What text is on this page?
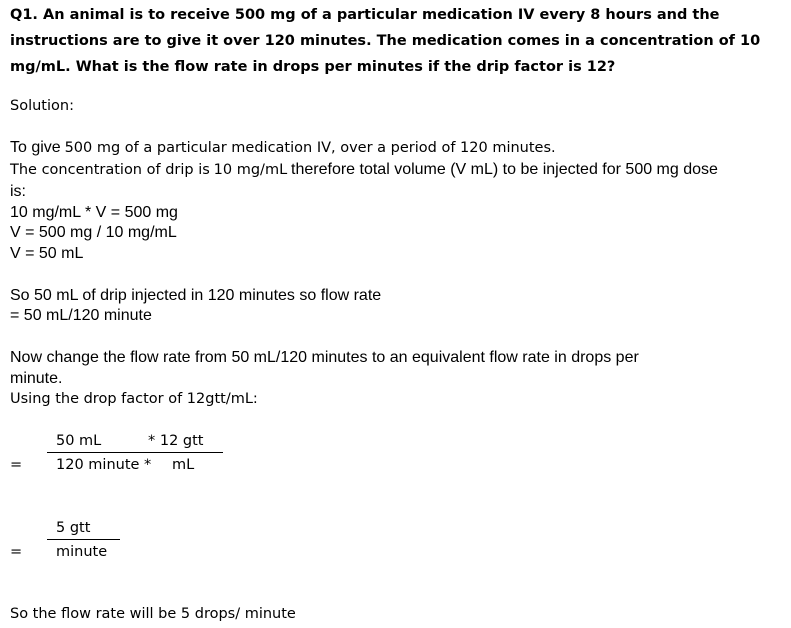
Q1. An animal is to receive 500 mg of a particular medication IV every 8 hours and the instructions are to give it over 120 minutes. The medication comes in a concentration of 10 mg/mL. What is the flow rate in drops per minutes if the drip factor is 12?
Solution:
To give 500 mg of a particular medication IV, over a period of 120 minutes.
The concentration of drip is 10 mg/mL therefore total volume (V mL) to be injected for 500 mg dose
is:
10 mg/mL * V = 500 mg
V = 500 mg / 10 mg/mL
V = 50 mL
So 50 mL of drip injected in 120 minutes so flow rate
= 50 mL/120 minute
Now change the flow rate from 50 mL/120 minutes to an equivalent flow rate in drops per
minute.
Using the drop factor of 12gtt/mL:
50 mL	* 12 gtt
= 120 minute * mL
5 gtt
= minute
So the flow rate will be 5 drops/ minute
